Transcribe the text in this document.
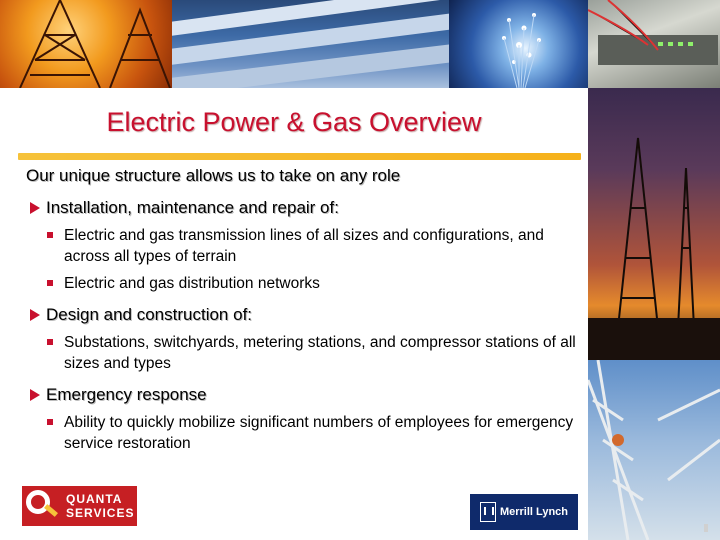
Electric Power & Gas Overview

Our unique structure allows us to take on any role

Installation, maintenance and repair of:
Electric and gas transmission lines of all sizes and configurations, and across all types of terrain
Electric and gas distribution networks
Design and construction of:
Substations, switchyards, metering stations, and compressor stations of all sizes and types
Emergency response
Ability to quickly mobilize significant numbers of employees for emergency service restoration
QUANTA
SERVICES	Merrill Lynch
